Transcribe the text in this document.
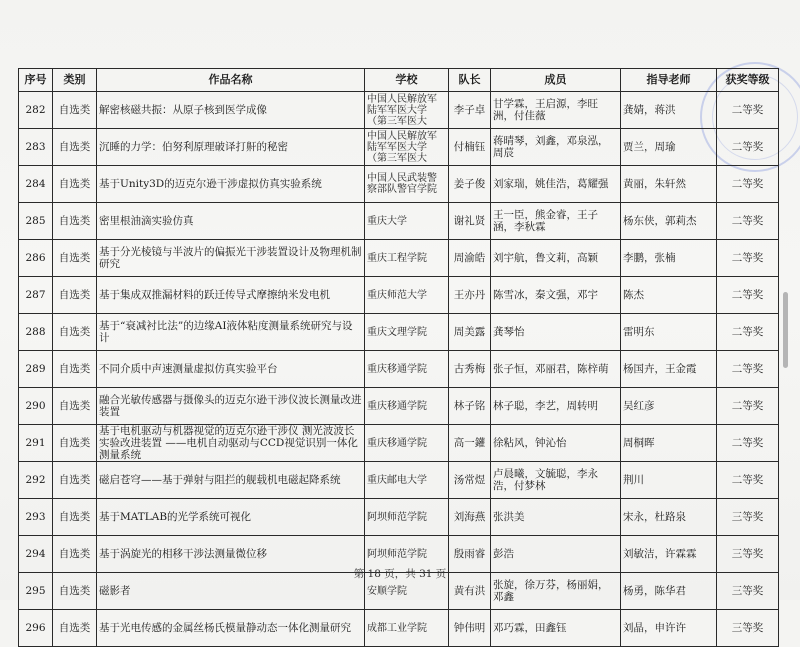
序号	类别	作品名称	学校	队长	成员	指导老师	获奖等级
282	自选类	解密核磁共振：从原子核到医学成像	中国人民解放军陆军军医大学（第三军医大	李子卓	甘学霖，王启源，李旺洲，付佳薇	龚婧，蒋洪	二等奖
283	自选类	沉睡的力学：伯努利原理破译打鼾的秘密	中国人民解放军陆军军医大学（第三军医大	付楠钰	蒋晴琴，刘鑫，邓泉泓，周莀	贾兰，周瑜	二等奖
284	自选类	基于Unity3D的迈克尔逊干涉虚拟仿真实验系统	中国人民武装警察部队警官学院	姜子俊	刘家瑞，姚佳浩，葛耀强	黄丽，朱轩然	二等奖
285	自选类	密里根油滴实验仿真	重庆大学	谢礼贤	王一臣，熊金睿，王子涵，李秋霖	杨东侠，郭莉杰	二等奖
286	自选类	基于分光棱镜与半波片的偏振光干涉装置设计及物理机制研究	重庆工程学院	周渝皓	刘宇航，鲁文莉，高颖	李鹏，张楠	二等奖
287	自选类	基于集成双推漏材料的跃迁传导式摩擦纳米发电机	重庆师范大学	王亦丹	陈雪冰，秦文强，邓宇	陈杰	二等奖
288	自选类	基于“衰减衬比法”的边缘AI液体粘度测量系统研究与设计	重庆文理学院	周美露	龚琴怡	雷明东	二等奖
289	自选类	不同介质中声速测量虚拟仿真实验平台	重庆移通学院	古秀梅	张子恒，邓丽君，陈梓萌	杨国卉，王金霞	二等奖
290	自选类	融合光敏传感器与摄像头的迈克尔逊干涉仪波长测量改进装置	重庆移通学院	林子铭	林子聪，李艺，周转明	吴红彦	二等奖
291	自选类	基于电机驱动与机器视觉的迈克尔逊干涉仪 测光波波长实验改进装置 ——电机自动驱动与CCD视觉识别一体化测量系统	重庆移通学院	高一鑵	徐粘风，钟沁怡	周桐晖	二等奖
292	自选类	磁启苍穹——基于弹射与阻拦的舰载机电磁起降系统	重庆邮电大学	汤常煜	卢晨曦，文毓聪，李永浩，付梦林	荆川	二等奖
293	自选类	基于MATLAB的光学系统可视化	阿坝师范学院	刘海燕	张洪美	宋永，杜路泉	三等奖
294	自选类	基于涡旋光的相移干涉法测量微位移	阿坝师范学院	殷雨睿	彭浩	刘敏洁，许霖霖	三等奖
295	自选类	磁影者	安顺学院	黄有洪	张旋，徐万芬，杨丽娟，邓鑫	杨勇，陈华君	三等奖
296	自选类	基于光电传感的金属丝杨氏模量静动态一体化测量研究	成都工业学院	钟伟明	邓巧霖，田鑫钰	刘晶，申许许	三等奖
第 18 页，共 31 页
